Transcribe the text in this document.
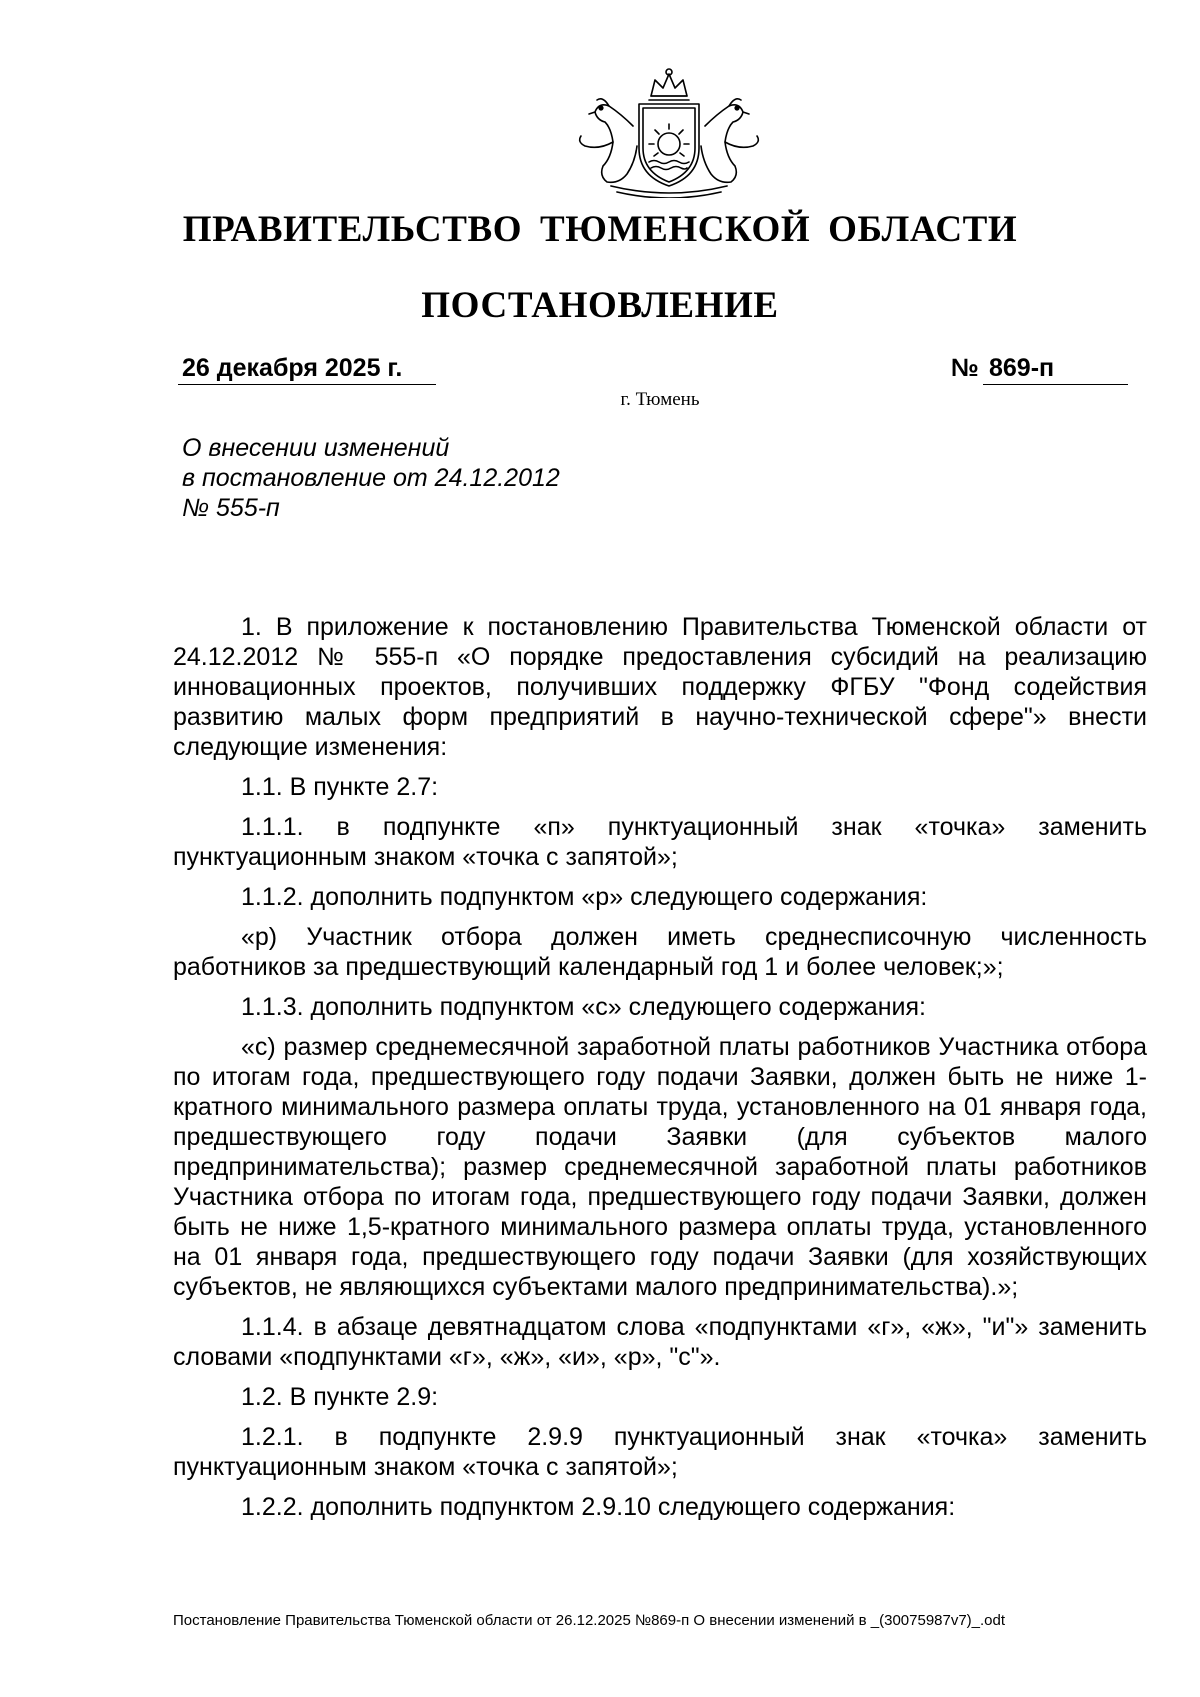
ПРАВИТЕЛЬСТВО ТЮМЕНСКОЙ ОБЛАСТИ
ПОСТАНОВЛЕНИЕ
26 декабря 2025 г.	№ 869-п
г. Тюмень
О внесении изменений
в постановление от 24.12.2012
№ 555-п

1. В приложение к постановлению Правительства Тюменской области от 24.12.2012 № 555-п «О порядке предоставления субсидий на реализацию инновационных проектов, получивших поддержку ФГБУ "Фонд содействия развитию малых форм предприятий в научно-технической сфере"» внести следующие изменения:

1.1. В пункте 2.7:

1.1.1. в подпункте «п» пунктуационный знак «точка» заменить пунктуационным знаком «точка с запятой»;

1.1.2. дополнить подпунктом «р» следующего содержания:

«р) Участник отбора должен иметь среднесписочную численность работников за предшествующий календарный год 1 и более человек;»;

1.1.3. дополнить подпунктом «с» следующего содержания:

«с) размер среднемесячной заработной платы работников Участника отбора по итогам года, предшествующего году подачи Заявки, должен быть не ниже 1-кратного минимального размера оплаты труда, установленного на 01 января года, предшествующего году подачи Заявки (для субъектов малого предпринимательства); размер среднемесячной заработной платы работников Участника отбора по итогам года, предшествующего году подачи Заявки, должен быть не ниже 1,5-кратного минимального размера оплаты труда, установленного на 01 января года, предшествующего году подачи Заявки (для хозяйствующих субъектов, не являющихся субъектами малого предпринимательства).»;

1.1.4. в абзаце девятнадцатом слова «подпунктами «г», «ж», "и"» заменить словами «подпунктами «г», «ж», «и», «р», "с"».

1.2. В пункте 2.9:

1.2.1. в подпункте 2.9.9 пунктуационный знак «точка» заменить пунктуационным знаком «точка с запятой»;

1.2.2. дополнить подпунктом 2.9.10 следующего содержания:

Постановление Правительства Тюменской области от 26.12.2025 №869-п О внесении изменений в _(30075987v7)_.odt
